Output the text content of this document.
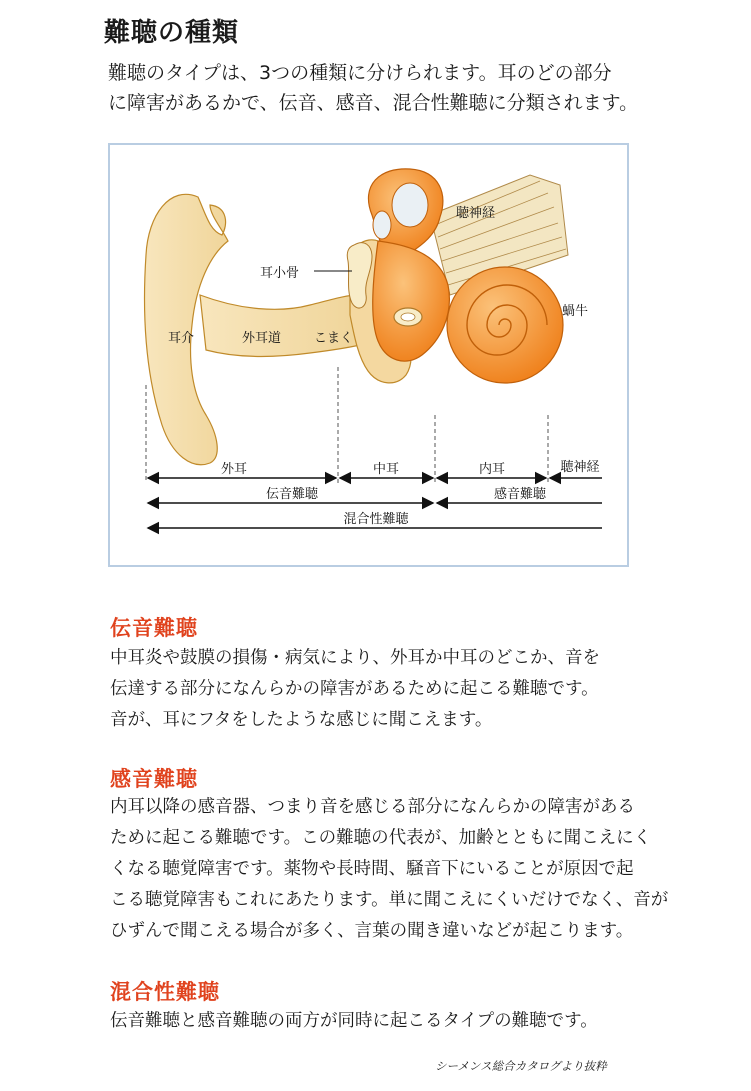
難聴の種類

難聴のタイプは、3つの種類に分けられます。耳のどの部分
に障害があるかで、伝音、感音、混合性難聴に分類されます。

聴神経
耳小骨
蝸牛
耳介	外耳道	こまく
外耳	中耳	内耳	聴神経
伝音難聴	感音難聴
混合性難聴
伝音難聴

中耳炎や鼓膜の損傷・病気により、外耳か中耳のどこか、音を
伝達する部分になんらかの障害があるために起こる難聴です。
音が、耳にフタをしたような感じに聞こえます。

感音難聴

内耳以降の感音器、つまり音を感じる部分になんらかの障害がある
ために起こる難聴です。この難聴の代表が、加齢とともに聞こえにく
くなる聴覚障害です。薬物や長時間、騒音下にいることが原因で起
こる聴覚障害もこれにあたります。単に聞こえにくいだけでなく、音が
ひずんで聞こえる場合が多く、言葉の聞き違いなどが起こります。

混合性難聴

伝音難聴と感音難聴の両方が同時に起こるタイプの難聴です。

シーメンス総合カタログより抜粋
